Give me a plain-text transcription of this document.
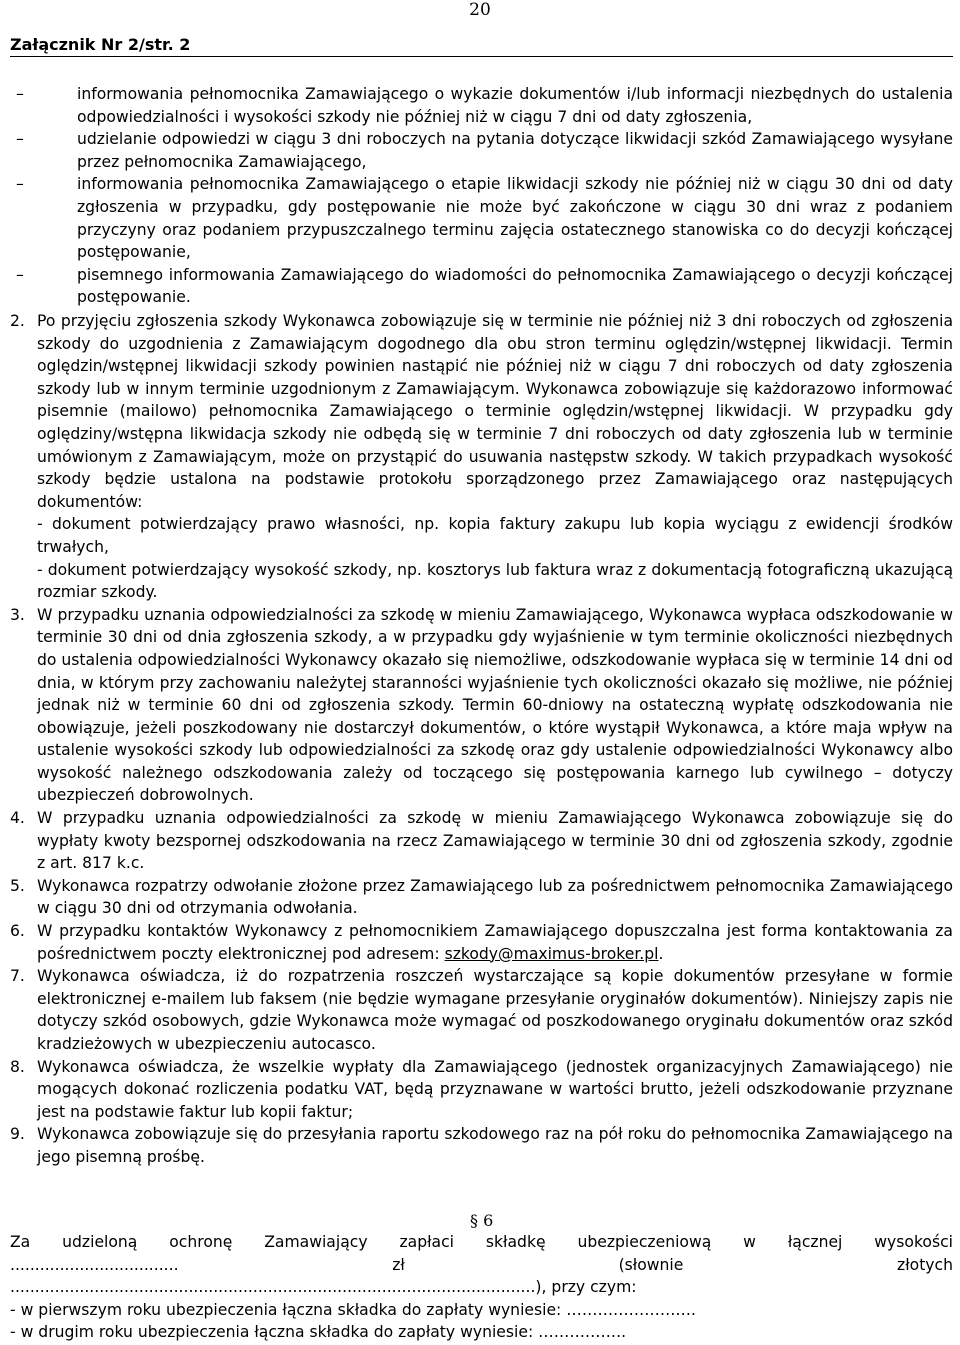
20
Załącznik Nr 2/str. 2
–	informowania pełnomocnika Zamawiającego o wykazie dokumentów i/lub informacji niezbędnych do ustalenia odpowiedzialności i wysokości szkody nie później niż w ciągu 7 dni od daty zgłoszenia,
–	udzielanie odpowiedzi w ciągu 3 dni roboczych na pytania dotyczące likwidacji szkód Zamawiającego wysyłane przez pełnomocnika Zamawiającego,
–	informowania pełnomocnika Zamawiającego o etapie likwidacji szkody nie później niż w ciągu 30 dni od daty zgłoszenia w przypadku, gdy postępowanie nie może być zakończone w ciągu 30 dni wraz z podaniem przyczyny oraz podaniem przypuszczalnego terminu zajęcia ostatecznego stanowiska co do decyzji kończącej postępowanie,
–	pisemnego informowania Zamawiającego do wiadomości do pełnomocnika Zamawiającego o decyzji kończącej postępowanie.
2. Po przyjęciu zgłoszenia szkody Wykonawca zobowiązuje się w terminie nie później niż 3 dni roboczych od zgłoszenia szkody do uzgodnienia z Zamawiającym dogodnego dla obu stron terminu oględzin/wstępnej likwidacji. Termin oględzin/wstępnej likwidacji szkody powinien nastąpić nie później niż w ciągu 7 dni roboczych od daty zgłoszenia szkody lub w innym terminie uzgodnionym z Zamawiającym. Wykonawca zobowiązuje się każdorazowo informować pisemnie (mailowo) pełnomocnika Zamawiającego o terminie oględzin/wstępnej likwidacji. W przypadku gdy oględziny/wstępna likwidacja szkody nie odbędą się w terminie 7 dni roboczych od daty zgłoszenia lub w terminie umówionym z Zamawiającym, może on przystąpić do usuwania następstw szkody. W takich przypadkach wysokość szkody będzie ustalona na podstawie protokołu sporządzonego przez Zamawiającego oraz następujących dokumentów:

- dokument potwierdzający prawo własności, np. kopia faktury zakupu lub kopia wyciągu z ewidencji środków trwałych,

- dokument potwierdzający wysokość szkody, np. kosztorys lub faktura wraz z dokumentacją fotograficzną ukazującą rozmiar szkody.

3. W przypadku uznania odpowiedzialności za szkodę w mieniu Zamawiającego, Wykonawca wypłaca odszkodowanie w terminie 30 dni od dnia zgłoszenia szkody, a w przypadku gdy wyjaśnienie w tym terminie okoliczności niezbędnych do ustalenia odpowiedzialności Wykonawcy okazało się niemożliwe, odszkodowanie wypłaca się w terminie 14 dni od dnia, w którym przy zachowaniu należytej staranności wyjaśnienie tych okoliczności okazało się możliwe, nie później jednak niż w terminie 60 dni od zgłoszenia szkody. Termin 60-dniowy na ostateczną wypłatę odszkodowania nie obowiązuje, jeżeli poszkodowany nie dostarczył dokumentów, o które wystąpił Wykonawca, a które maja wpływ na ustalenie wysokości szkody lub odpowiedzialności za szkodę oraz gdy ustalenie odpowiedzialności Wykonawcy albo wysokość należnego odszkodowania zależy od toczącego się postępowania karnego lub cywilnego – dotyczy ubezpieczeń dobrowolnych.

4. W przypadku uznania odpowiedzialności za szkodę w mieniu Zamawiającego Wykonawca zobowiązuje się do wypłaty kwoty bezspornej odszkodowania na rzecz Zamawiającego w terminie 30 dni od zgłoszenia szkody, zgodnie z art. 817 k.c.

5. Wykonawca rozpatrzy odwołanie złożone przez Zamawiającego lub za pośrednictwem pełnomocnika Zamawiającego w ciągu 30 dni od otrzymania odwołania.

6. W przypadku kontaktów Wykonawcy z pełnomocnikiem Zamawiającego dopuszczalna jest forma kontaktowania za pośrednictwem poczty elektronicznej pod adresem: szkody@maximus-broker.pl.

7. Wykonawca oświadcza, iż do rozpatrzenia roszczeń wystarczające są kopie dokumentów przesyłane w formie elektronicznej e-mailem lub faksem (nie będzie wymagane przesyłanie oryginałów dokumentów). Niniejszy zapis nie dotyczy szkód osobowych, gdzie Wykonawca może wymagać od poszkodowanego oryginału dokumentów oraz szkód kradzieżowych w ubezpieczeniu autocasco.

8. Wykonawca oświadcza, że wszelkie wypłaty dla Zamawiającego (jednostek organizacyjnych Zamawiającego) nie mogących dokonać rozliczenia podatku VAT, będą przyznawane w wartości brutto, jeżeli odszkodowanie przyznane jest na podstawie faktur lub kopii faktur;

9. Wykonawca zobowiązuje się do przesyłania raportu szkodowego raz na pół roku do pełnomocnika Zamawiającego na jego pisemną prośbę.

§ 6

Za udzieloną ochronę Zamawiający zapłaci składkę ubezpieczeniową w łącznej wysokości

..................................	zł	(słownie	złotych

..........................................................................................................), przy czym:

- w pierwszym roku ubezpieczenia łączna składka do zapłaty wyniesie: …………………….

- w drugim roku ubezpieczenia łączna składka do zapłaty wyniesie: ……………..
